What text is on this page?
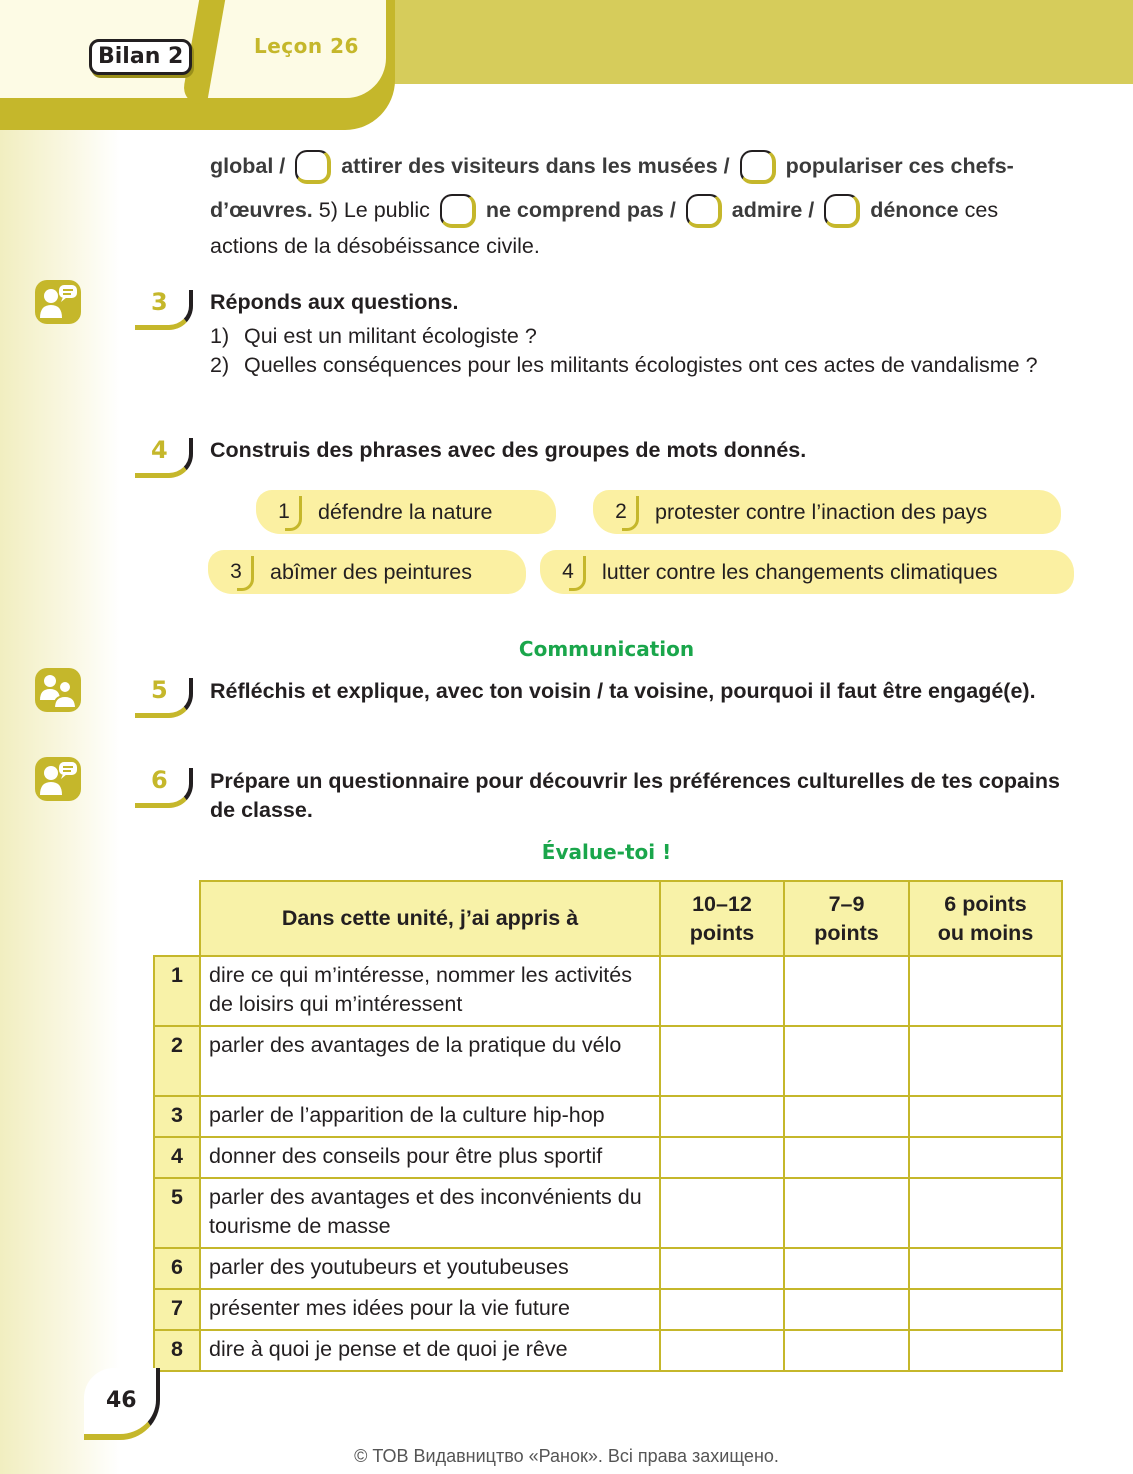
Bilan 2	Leçon 26
global /	attirer des visiteurs dans les musées /	populariser ces chefs-
d’œuvres. 5) Le public	ne comprend pas /	admire /	dénonce ces
actions de la désobéissance civile.
3 Réponds aux questions.
1) Qui est un militant écologiste ?
2) Quelles conséquences pour les militants écologistes ont ces actes de vandalisme ?
4 Construis des phrases avec des groupes de mots donnés.
1	défendre la nature	2	protester contre l’inaction des pays
3	abîmer des peintures	4	lutter contre les changements climatiques
Communication
5 Réfléchis et explique, avec ton voisin / ta voisine, pourquoi il faut être engagé(e).
6 Prépare un questionnaire pour découvrir les préférences culturelles de tes copains de classe.
Évalue-toi !
	Dans cette unité, j’ai appris à	10–12 points	7–9 points	6 points ou moins
1	dire ce qui m’intéresse, nommer les activités de loisirs qui m’intéressent			
2	parler des avantages de la pratique du vélo			
3	parler de l’apparition de la culture hip-hop			
4	donner des conseils pour être plus sportif			
5	parler des avantages et des inconvénients du tourisme de masse			
6	parler des youtubeurs et youtubeuses			
7	présenter mes idées pour la vie future			
8	dire à quoi je pense et de quoi je rêve			
46
© ТОВ Видавництво «Ранок». Всі права захищено.
